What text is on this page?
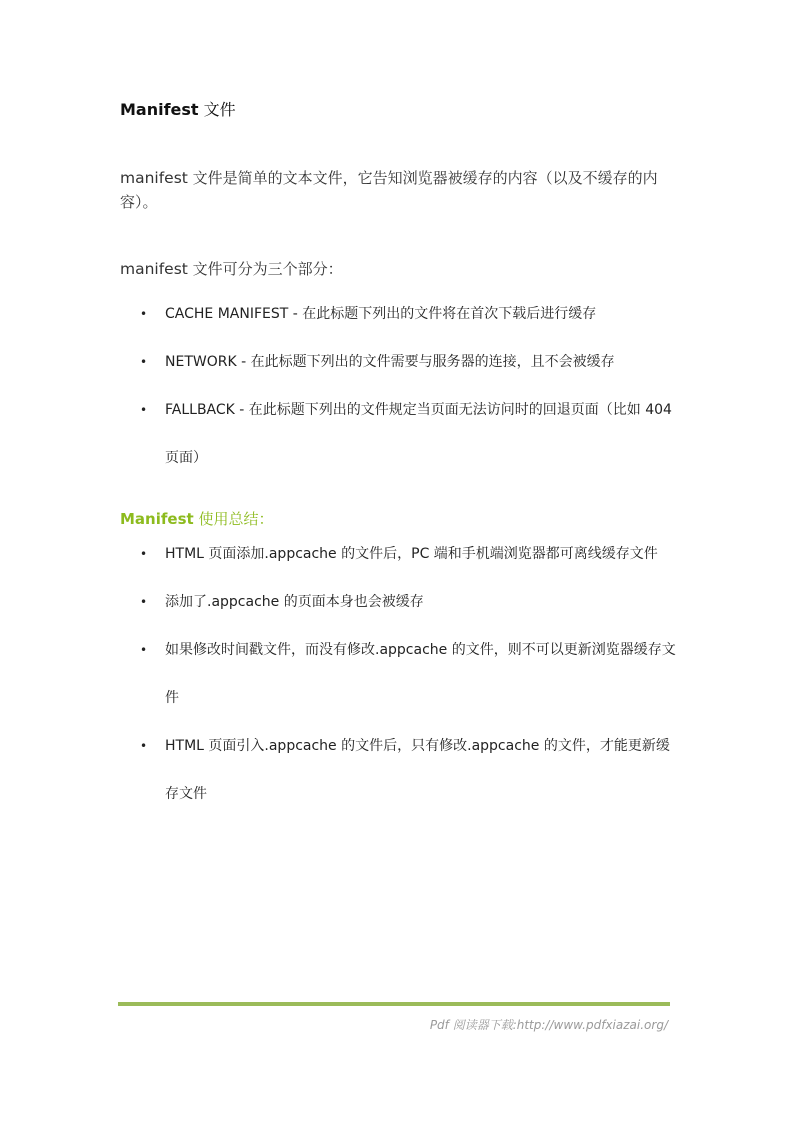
Manifest 文件
manifest 文件是简单的文本文件，它告知浏览器被缓存的内容（以及不缓存的内容）。
manifest 文件可分为三个部分：
• CACHE MANIFEST - 在此标题下列出的文件将在首次下载后进行缓存
• NETWORK - 在此标题下列出的文件需要与服务器的连接，且不会被缓存
• FALLBACK - 在此标题下列出的文件规定当页面无法访问时的回退页面（比如 404 页面）
Manifest 使用总结：
• HTML 页面添加.appcache 的文件后，PC 端和手机端浏览器都可离线缓存文件
• 添加了.appcache 的页面本身也会被缓存
• 如果修改时间戳文件，而没有修改.appcache 的文件，则不可以更新浏览器缓存文件
• HTML 页面引入.appcache 的文件后，只有修改.appcache 的文件，才能更新缓存文件
Pdf 阅读器下载:http://www.pdfxiazai.org/
